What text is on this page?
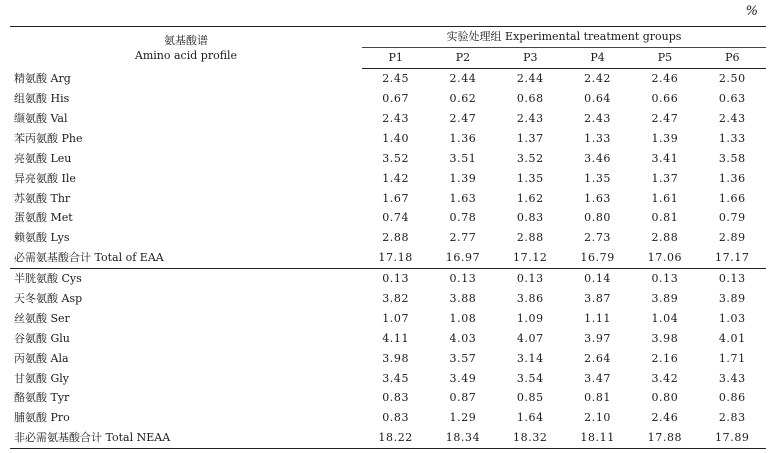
%
氨基酸谱
Amino acid profile	实验处理组 Experimental treatment groups					
	P1	P2	P3	P4	P5	P6
精氨酸 Arg	2.45	2.44	2.44	2.42	2.46	2.50
组氨酸 His	0.67	0.62	0.68	0.64	0.66	0.63
缬氨酸 Val	2.43	2.47	2.43	2.43	2.47	2.43
苯丙氨酸 Phe	1.40	1.36	1.37	1.33	1.39	1.33
亮氨酸 Leu	3.52	3.51	3.52	3.46	3.41	3.58
异亮氨酸 Ile	1.42	1.39	1.35	1.35	1.37	1.36
苏氨酸 Thr	1.67	1.63	1.62	1.63	1.61	1.66
蛋氨酸 Met	0.74	0.78	0.83	0.80	0.81	0.79
赖氨酸 Lys	2.88	2.77	2.88	2.73	2.88	2.89
必需氨基酸合计 Total of EAA	17.18	16.97	17.12	16.79	17.06	17.17
半胱氨酸 Cys	0.13	0.13	0.13	0.14	0.13	0.13
天冬氨酸 Asp	3.82	3.88	3.86	3.87	3.89	3.89
丝氨酸 Ser	1.07	1.08	1.09	1.11	1.04	1.03
谷氨酸 Glu	4.11	4.03	4.07	3.97	3.98	4.01
丙氨酸 Ala	3.98	3.57	3.14	2.64	2.16	1.71
甘氨酸 Gly	3.45	3.49	3.54	3.47	3.42	3.43
酪氨酸 Tyr	0.83	0.87	0.85	0.81	0.80	0.86
脯氨酸 Pro	0.83	1.29	1.64	2.10	2.46	2.83
非必需氨基酸合计 Total NEAA	18.22	18.34	18.32	18.11	17.88	17.89
